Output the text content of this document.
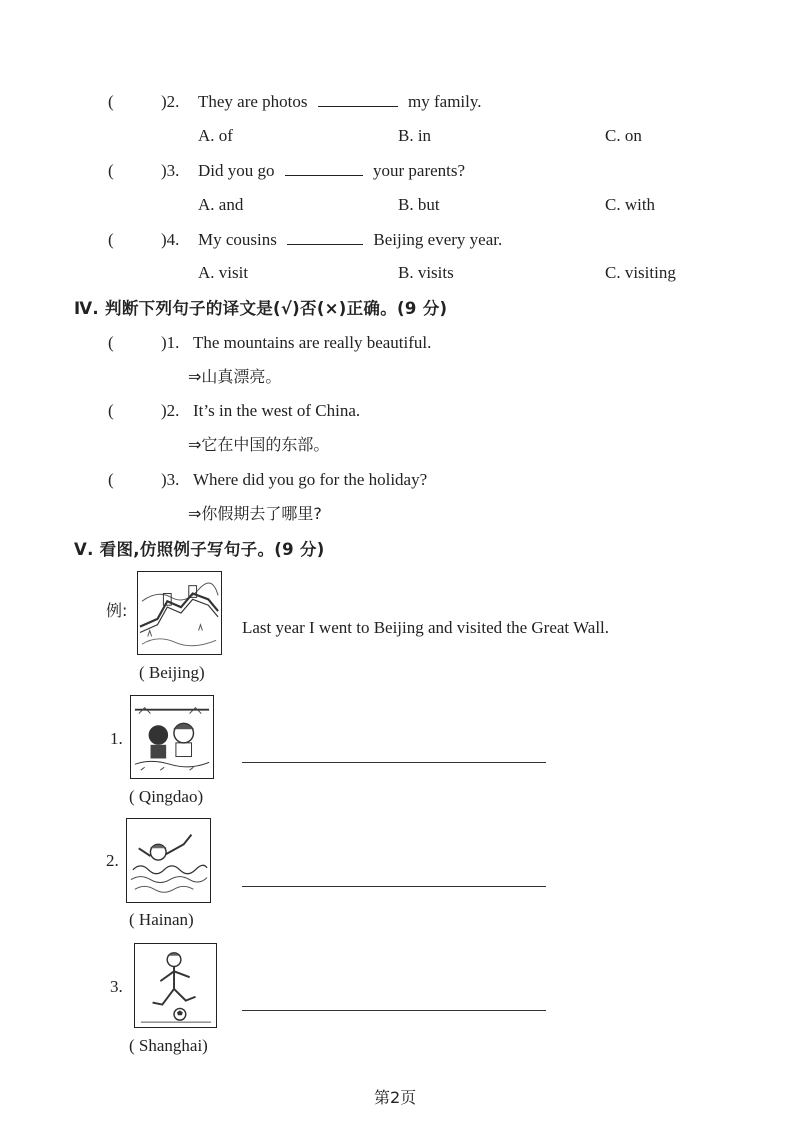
(	)2. They are photos	my family.
A. of	B. in	C. on
(	)3. Did you go	your parents?
A. and	B. but	C. with
(	)4. My cousins	Beijing every year.
A. visit	B. visits	C. visiting
Ⅳ. 判断下列句子的译文是(√)否(×)正确。(9 分)
(	)1. The mountains are really beautiful.
⇒山真漂亮。
(	)2. It’s in the west of China.
⇒它在中国的东部。
(	)3. Where did you go for the holiday?
⇒你假期去了哪里?
Ⅴ. 看图,仿照例子写句子。(9 分)
例:
Last year I went to Beijing and visited the Great Wall.
( Beijing)
1.
( Qingdao)
2.
( Hainan)
3.
( Shanghai)
第2页
